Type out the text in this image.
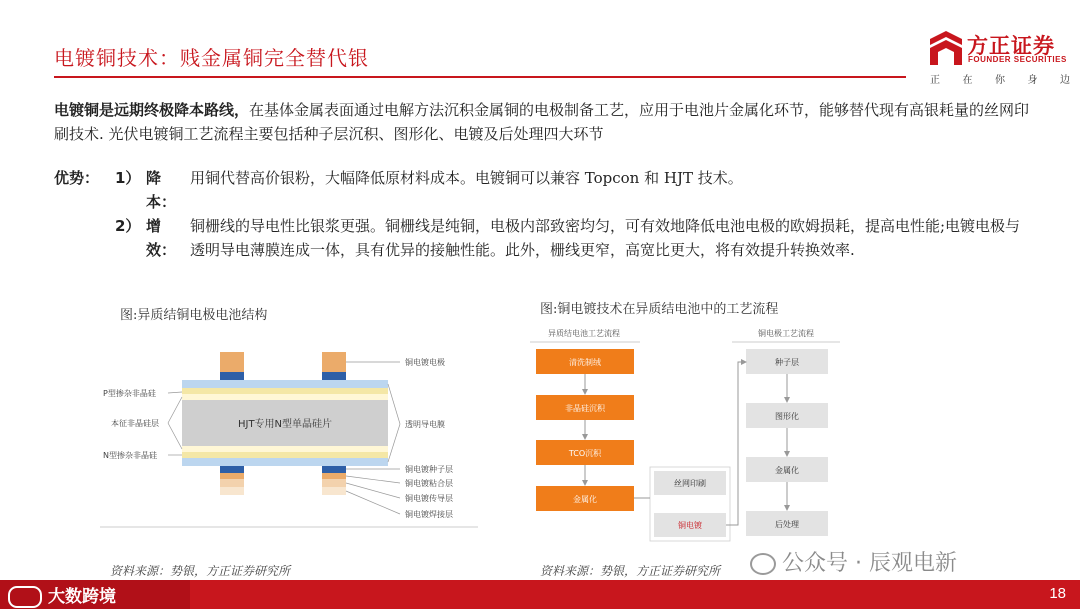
电镀铜技术：贱金属铜完全替代银	方正证券
FOUNDER SECURITIES
正 在 你 身 边
电镀铜是远期终极降本路线，在基体金属表面通过电解方法沉积金属铜的电极制备工艺，应用于电池片金属化环节，能够替代现有高银耗量的丝网印刷技术. 光伏电镀铜工艺流程主要包括种子层沉积、图形化、电镀及后处理四大环节
优势：	1） 降本：
用铜代替高价银粉，大幅降低原材料成本。电镀铜可以兼容 Topcon 和 HJT 技术。
2） 增效：
铜栅线的导电性比银浆更强。铜栅线是纯铜，电极内部致密均匀，可有效地降低电池电极的欧姆损耗，提高电性能;电镀电极与透明导电薄膜连成一体，具有优异的接触性能。此外，栅线更窄，高宽比更大，将有效提升转换效率.
图:异质结铜电极电池结构
HJT专用N型单晶硅片
P型掺杂非晶硅
本征非晶硅层
N型掺杂非晶硅
铜电镀电极
透明导电膜
铜电镀种子层
铜电镀粘合层
铜电镀传导层
铜电镀焊接层
资料来源：势银，方正证券研究所
图:铜电镀技术在异质结电池中的工艺流程
异质结电池工艺流程	铜电极工艺流程
清洗制绒
非晶硅沉积
TCO沉积
金属化
丝网印刷
铜电镀
种子层
图形化
金属化
后处理
资料来源：势银，方正证券研究所	公众号 · 辰观电新
大数跨境	18
